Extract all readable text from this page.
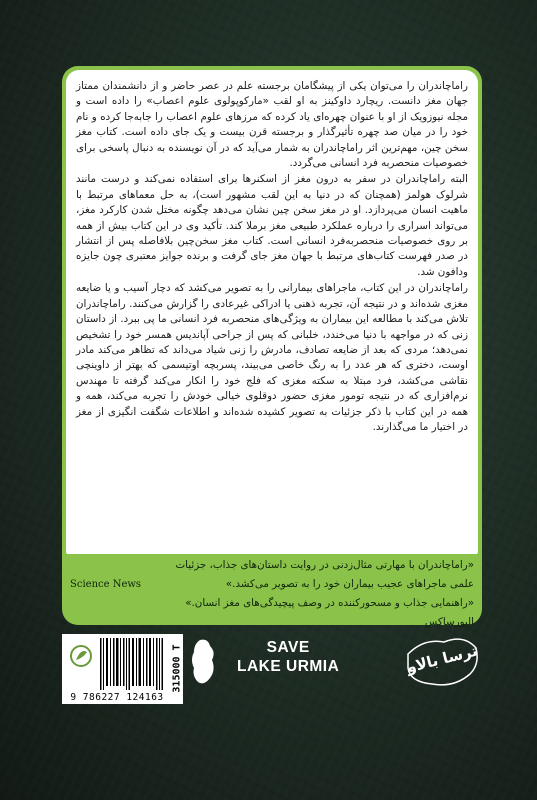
راماچاندران را می‌توان یکی از پیشگامان برجسته علم در عصر حاضر و از دانشمندان ممتاز جهان مغز دانست. ریچارد داوکینز به او لقب «مارکوپولوی علوم اعصاب» را داده است و مجله نیوزویک از او با عنوان چهره‌ای یاد کرده که مرزهای علوم اعصاب را جابه‌جا کرده و نام خود را در میان صد چهره تأثیرگذار و برجسته قرن بیست و یک جای داده است. کتاب مغز سخن چین، مهم‌ترین اثر راماچاندران به شمار می‌آید که در آن نویسنده به دنبال پاسخی برای خصوصیات منحصربه فرد انسانی می‌گردد.

البته راماچاندران در سفر به درون مغز از اسکنر‌ها برای استفاده نمی‌کند و درست مانند شرلوک هولمز (همچنان که در دنیا به این لقب مشهور است)، به حل معماهای مرتبط با ماهیت انسان می‌پردازد. او در مغز سخن چین نشان می‌دهد چگونه مختل شدن کارکرد مغز، می‌تواند اسراری را درباره عملکرد طبیعی مغز برملا کند. تأکید وی در این کتاب بیش از همه بر روی خصوصیات منحصربه‌فرد انسانی است. کتاب مغز سخن‌چین بلافاصله پس از انتشار در صدر فهرست کتاب‌های مرتبط با جهان مغز جای گرفت و برنده جوایز معتبری چون جایزه ودافون شد.

راماچاندران در این کتاب، ماجراهای بیمارانی را به تصویر می‌کشد که دچار آسیب و یا ضایعه مغزی شده‌اند و در نتیجه آن، تجربه ذهنی یا ادراکی غیرعادی را گزارش می‌کنند. راماچاندران تلاش می‌کند با مطالعه این بیماران به ویژگی‌های منحصربه فرد انسانی ما پی ببرد. از داستان زنی که در مواجهه با دنیا می‌خندد، خلبانی که پس از جراحی آپاندیس همسر خود را تشخیص نمی‌دهد؛ مردی که بعد از ضایعه تصادف، مادرش را زنی شیاد می‌داند که تظاهر می‌کند مادر اوست، دختری که هر عدد را به رنگ خاصی می‌بیند، پسربچه اوتیسمی که بهتر از داوینچی نقاشی می‌کشد، فرد مبتلا به سکته مغزی که فلج خود را انکار می‌کند گرفته تا مهندس نرم‌افزاری که در نتیجه تومور مغزی حضور دوقلوی خیالی خودش را تجربه می‌کند، همه و همه در این کتاب با ذکر جزئیات به تصویر کشیده شده‌اند و اطلاعات شگفت انگیزی از مغز در اختیار ما می‌گذارند.

«راماچاندران با مهارتی مثال‌زدنی در روایت داستان‌های جذاب، جزئیات
علمی ماجراهای عجیب بیماران خود را به تصویر می‌کشد.»
Science News
«راهنمایی جذاب و مسحورکننده در وصف پیچیدگی‌های مغز انسان.»
الیورساکس
9 786227 124163
315000 T	SAVE
LAKE URMIA	ترسا بالاو
